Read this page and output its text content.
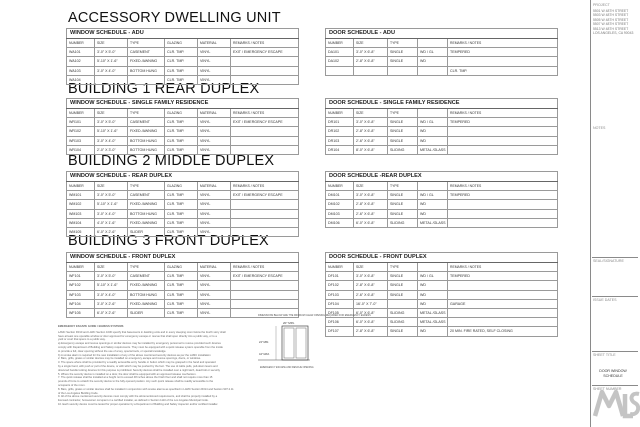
ACCESSORY DWELLING UNIT
BUILDING 1 REAR DUPLEX
BUILDING 2 MIDDLE DUPLEX
BUILDING 3 FRONT DUPLEX
WINDOW SCHEDULE - ADU					
NUMBER	SIZE	TYPE	GLAZING	MATERIAL	REMARKS / NOTES
WA101	3'-0" X 5'-0"	CASEMENT	CLR. TMP.	VINYL	EXIT / EMERGENCY ESCAPE
WA102	5'-10" X 1'-6"	FIXED /AWNING	CLR. TMP.	VINYL	
WA103	3'-0" X 4'-0"	BOTTOM HUNG	CLR. TMP.	VINYL	
WA104			CLR. TMP.	VINYL	
DOOR SCHEDULE - ADU				
NUMBER	SIZE	TYPE		REMARKS / NOTES
DA101	3'-0" X 6'-8"	SINGLE	WD / GL	TEMPERED
DA102	2'-8" X 6'-8"	SINGLE	WD	
				CLR. TMP.
WINDOW SCHEDULE - SINGLE FAMILY RESIDENCE					
NUMBER	SIZE	TYPE	GLAZING	MATERIAL	REMARKS / NOTES
WR101	3'-0" X 5'-0"	CASEMENT	CLR. TMP.	VINYL	EXIT / EMERGENCY ESCAPE
WR102	5'-10" X 1'-6"	FIXED /AWNING	CLR. TMP.	VINYL	
WR103	3'-0" X 4'-0"	BOTTOM HUNG	CLR. TMP.	VINYL	
WR104	2'-0" X 3'-0"	BOTTOM HUNG	CLR. TMP.	VINYL	
DOOR SCHEDULE - SINGLE FAMILY RESIDENCE				
NUMBER	SIZE	TYPE		REMARKS / NOTES
DR101	3'-0" X 6'-8"	SINGLE	WD / GL	TEMPERED
DR102	2'-8" X 6'-8"	SINGLE	WD	
DR103	2'-6" X 6'-8"	SINGLE	WD	
DR104	8'-0" X 6'-8"	SLIDING	METAL /GLASS	
WINDOW SCHEDULE - REAR DUPLEX					
NUMBER	SIZE	TYPE	GLAZING	MATERIAL	REMARKS / NOTES
WM101	3'-0" X 5'-0"	CASEMENT	CLR. TMP.	VINYL	EXIT / EMERGENCY ESCAPE
WM102	5'-10" X 1'-6"	FIXED /AWNING	CLR. TMP.	VINYL	
WM103	3'-0" X 4'-0"	BOTTOM HUNG	CLR. TMP.	VINYL	
WM104	4'-0" X 1'-6"	FIXED /AWNING	CLR. TMP.	VINYL	
WM105	6'-0" X 2'-6"	SLIDER	CLR. TMP.	VINYL	
DOOR SCHEDULE -REAR DUPLEX				
NUMBER	SIZE	TYPE		REMARKS / NOTES
DM101	3'-0" X 6'-8"	SINGLE	WD / GL	TEMPERED
DM102	2'-8" X 6'-8"	SINGLE	WD	
DM103	2'-6" X 6'-8"	SINGLE	WD	
DM106	6'-0" X 6'-8"	SLIDING	METAL /GLASS	
WINDOW SCHEDULE - FRONT DUPLEX					
NUMBER	SIZE	TYPE	GLAZING	MATERIAL	REMARKS / NOTES
WF101	3'-0" X 5'-0"	CASEMENT	CLR. TMP.	VINYL	EXIT / EMERGENCY ESCAPE
WF102	5'-10" X 1'-6"	FIXED /AWNING	CLR. TMP.	VINYL	
WF103	3'-0" X 4'-0"	BOTTOM HUNG	CLR. TMP.	VINYL	
WF104	3'-0" X 2'-6"	FIXED /AWNING	CLR. TMP.	VINYL	
WF105	6'-0" X 2'-6"	SLIDER	CLR. TMP.	VINYL	
DOOR SCHEDULE - FRONT DUPLEX				
NUMBER	SIZE	TYPE		REMARKS / NOTES
DF101	3'-0" X 6'-8"	SINGLE	WD / GL	TEMPERED
DF102	2'-8" X 6'-8"	SINGLE	WD	
DF103	2'-6" X 6'-8"	SINGLE	WD	
DF104	16'-0" X 7'-0"		WD	GARAGE
DF105	6'-0" X 6'-8"	SLIDING	METAL /GLASS	
DF106	6'-0" X 6'-8"	SLIDING	METAL /GLASS	
DF107	2'-8" X 6'-8"	SINGLE	WD	20 MIN. FIRE RATED, SELF CLOSING

EMERGENCY ESCAPE GUIDE / EGRESS SYSTEMS

LAMC Section R310 and LARC Section 1030 specify that basements in dwelling units and in every sleeping room below the fourth story shall

have at least one operable window or door approved for emergency escape or rescue that shall open directly into a public way, or to a

yard or court that opens to a public way.

a) Emergency escape and rescue openings or similar devices may be installed by emergency personnel to rescue provided such devices

comply with Department of Building and Safety requirements. They must be equipped with a quick release system operable from the inside

to provide a full, clear opening without the use of a key, special tools, or special knowledge.

b) A smoke alarm is required for the new installation of any of the above mentioned security devices as per the LAMC installation

2. Bars, grills, grates or similar devices may be installed on emergency escape and rescue openings, doors, or windows.

3. The space where shall be provided by a readily accessible entry handle or button which may be grasped in the hand and operated

by a single hand, with push or pull of the device, or with which may be pushed by the foot. The use of cable pulls, pull-down levers and

obscured handle locking devices for this purpose is prohibited. Security devices shall be installed over a night latch, dead bolt or security

5. Where the security device is installed on a door, the door shall be equipped with an approved release mechanism.

7. The quick release shall be installed at a height not to exceed 48 inches above the finish floor and shall not require more than 15

pounds of force to unlatch the security device to the fully opened position. Any such quick release shall be readily accessible to the

occupants of the room.

8. Bars, grills, grates or similar devices shall be installed in conjunction with smoke alarms as specified in LAMC Section R314 and Section 907.2.11

of the Los Angeles Building Code.

9. All of the above mentioned security devices must comply with the aforementioned requirements, and shall be properly installed by a

licensed contractor, homeowner occupant or a certified installer, as defined in Section 1110 of the Los Angeles Municipal Code.

10. Each security device must be tested for proper operation by a Department of Building and Safety inspector and/or certified installer.

DIMENSIONS BELOW ARE THE MINIMUM CLEAR OPENING REQUIRED FOR EMERGENCY EGRESS
20" MIN.
24" MIN.
44" MAX.
EMERGENCY ESCAPE AND RESCUE OPENING
PROJECT
5501 W 48TH STREET
5503 W 48TH STREET
5505 W 48TH STREET
5507 W 48TH STREET
5513 W 48TH STREET
LOS ANGELES, CA 90043
NOTES
SEAL/SIGNATURE
ISSUE DATES
SHEET TITLE
DOOR WINDOW SCHEDULE
SHEET NUMBER
